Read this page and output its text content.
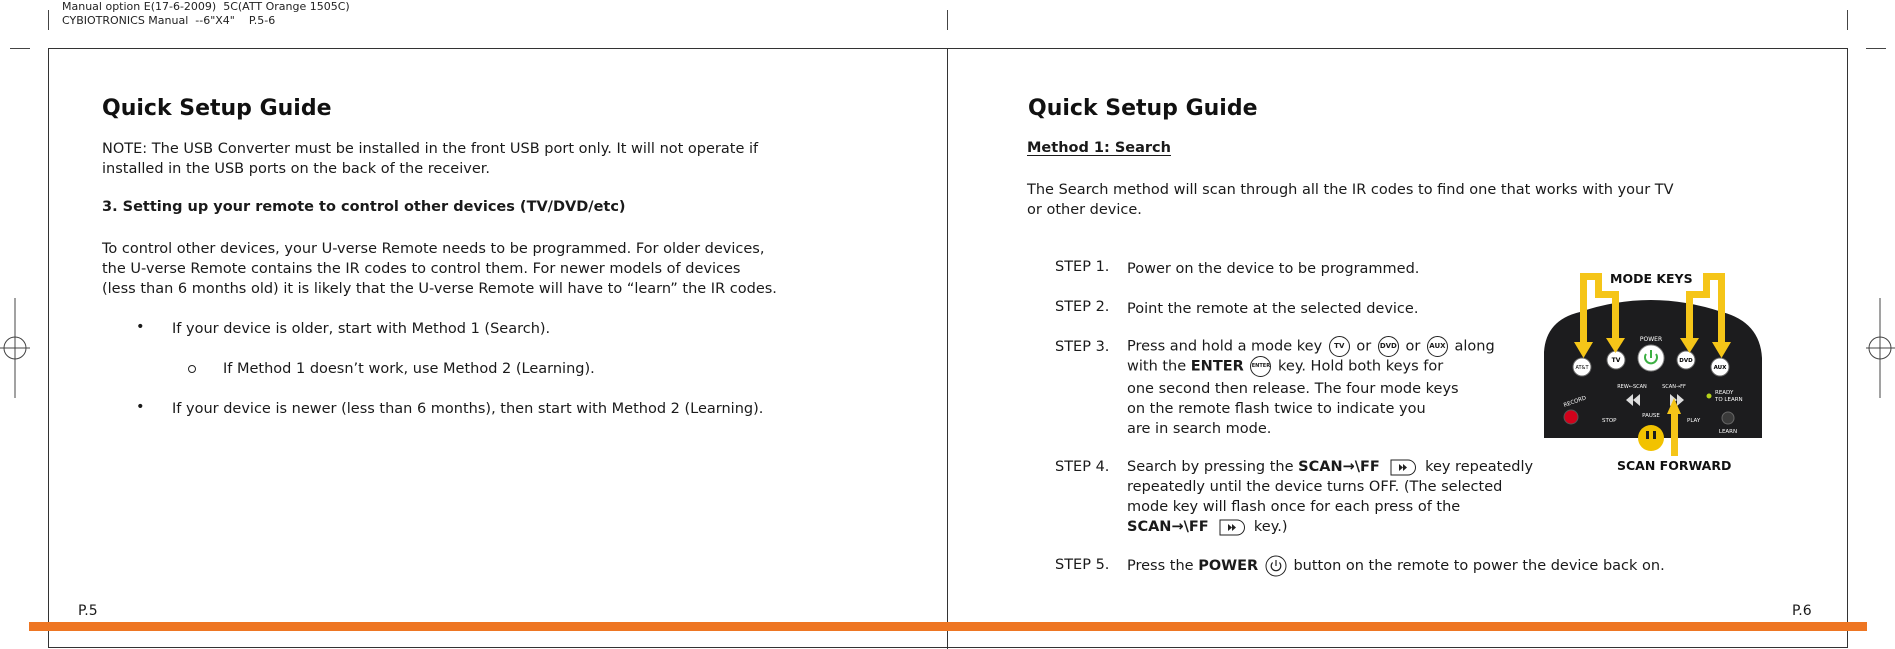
Manual option E(17-6-2009)  5C(ATT Orange 1505C)
CYBIOTRONICS Manual  --6"X4"    P.5-6
Quick Setup Guide
NOTE: The USB Converter must be installed in the front USB port only. It will not operate if
installed in the USB ports on the back of the receiver.
3. Setting up your remote to control other devices (TV/DVD/etc)
To control other devices, your U-verse Remote needs to be programmed. For older devices,
the U-verse Remote contains the IR codes to control them. For newer models of devices
(less than 6 months old) it is likely that the U-verse Remote will have to “learn” the IR codes.
• If your device is older, start with Method 1 (Search).
If Method 1 doesn’t work, use Method 2 (Learning).
• If your device is newer (less than 6 months), then start with Method 2 (Learning).
P.5
Quick Setup Guide
Method 1: Search
The Search method will scan through all the IR codes to find one that works with your TV
or other device.
STEP 1. Power on the device to be programmed.
STEP 2. Point the remote at the selected device.
STEP 3. Press and hold a mode key TV or DVD or AUX along
with the ENTER ENTER key. Hold both keys for
one second then release. The four mode keys
on the remote flash twice to indicate you
are in search mode.
STEP 4. Search by pressing the SCAN→\FF	key repeatedly
repeatedly until the device turns OFF. (The selected
mode key will flash once for each press of the
SCAN→\FF	key.)
STEP 5. Press the POWER button on the remote to power the device back on.
MODE KEYS
SCAN FORWARD
AT&T
TV
POWER
DVD
AUX
REW←SCAN	SCAN→FF
READY
TO LEARN
RECORD
STOP
PAUSE
PLAY
LEARN
P.6
